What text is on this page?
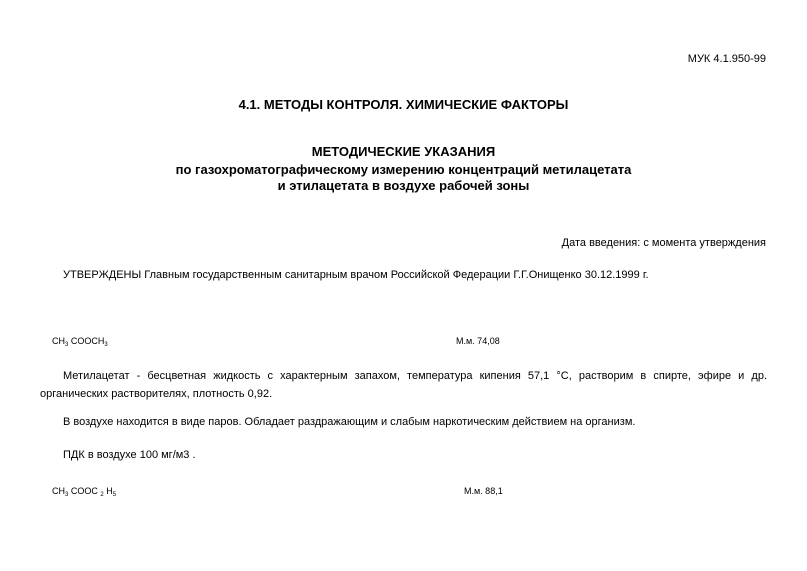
МУК 4.1.950-99
4.1. МЕТОДЫ КОНТРОЛЯ. ХИМИЧЕСКИЕ ФАКТОРЫ
МЕТОДИЧЕСКИЕ УКАЗАНИЯ
по газохроматографическому измерению концентраций метилацетата
и этилацетата в воздухе рабочей зоны
Дата введения: с момента утверждения
УТВЕРЖДЕНЫ Главным государственным санитарным врачом Российской Федерации Г.Г.Онищенко 30.12.1999 г.
$CH_3$ $COOCH_3$	М.м. 74,08
Метилацетат - бесцветная жидкость с характерным запахом, температура кипения 57,1 °С, растворим в спирте, эфире и др. органических растворителях, плотность 0,92.
В воздухе находится в виде паров. Обладает раздражающим и слабым наркотическим действием на организм.
ПДК в воздухе 100 мг/м3 .
$CH_3$ COOC $_2$ $H_5$	М.м. 88,1
